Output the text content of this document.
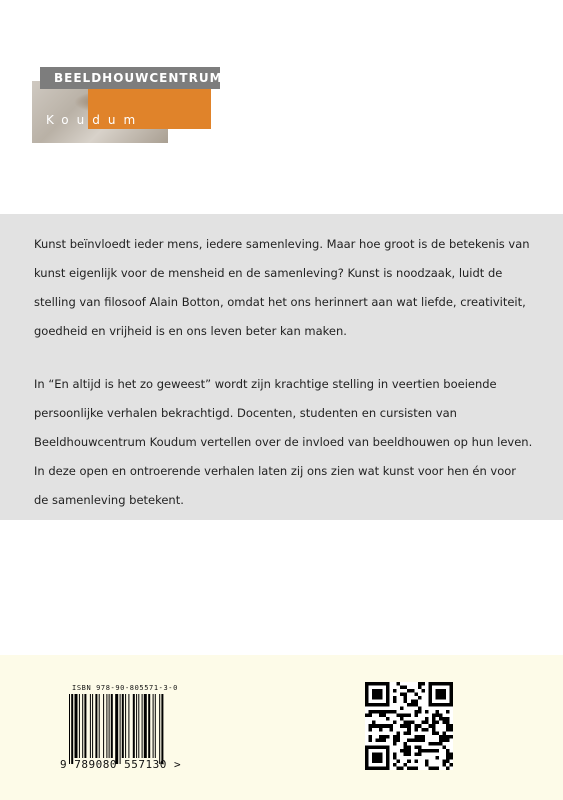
BEELDHOUWCENTRUM
Koudum

Kunst beïnvloedt ieder mens, iedere samenleving. Maar hoe groot is de betekenis van kunst eigenlijk voor de mensheid en de samenleving? Kunst is noodzaak, luidt de stelling van filosoof Alain Botton, omdat het ons herinnert aan wat liefde, creativiteit, goedheid en vrijheid is en ons leven beter kan maken.

In “En altijd is het zo geweest” wordt zijn krachtige stelling in veertien boeiende persoonlijke verhalen bekrachtigd. Docenten, studenten en cursisten van Beeldhouwcentrum Koudum vertellen over de invloed van beeldhouwen op hun leven. In deze open en ontroerende verhalen laten zij ons zien wat kunst voor hen én voor de samenleving betekent.

ISBN 978-90-805571-3-0
9 789080 557130 >
